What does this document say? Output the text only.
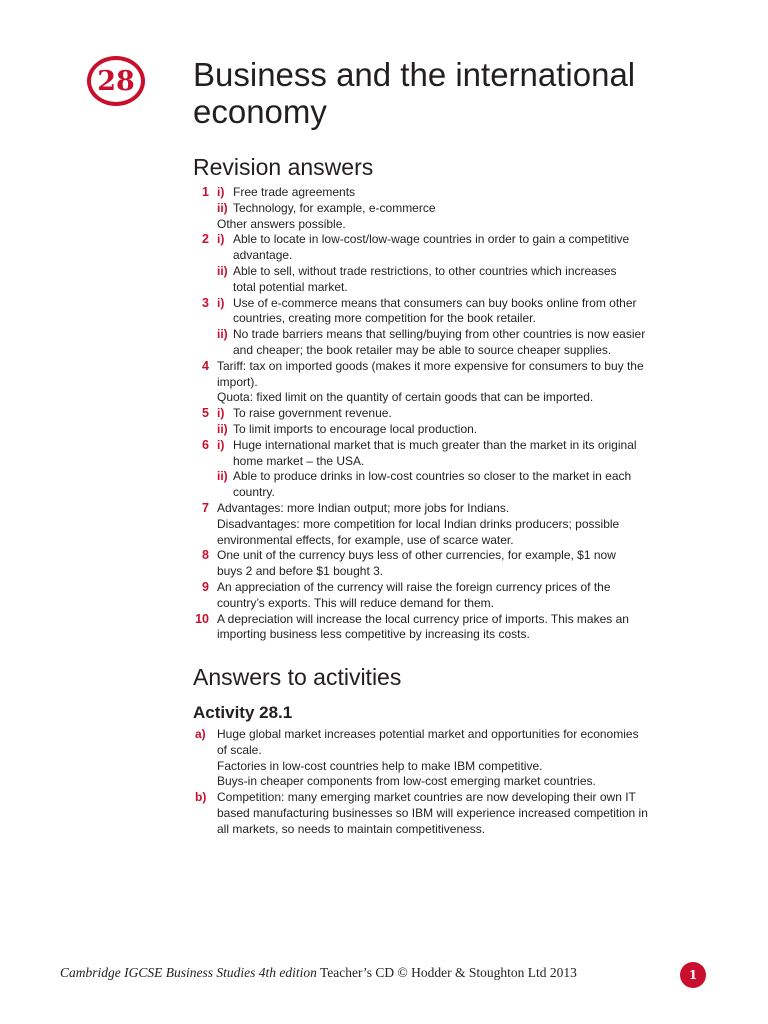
28 Business and the international economy
Revision answers
1 i) Free trade agreements
ii) Technology, for example, e-commerce
Other answers possible.
2 i) Able to locate in low-cost/low-wage countries in order to gain a competitive
advantage.
ii) Able to sell, without trade restrictions, to other countries which increases
total potential market.
3 i) Use of e-commerce means that consumers can buy books online from other
countries, creating more competition for the book retailer.
ii) No trade barriers means that selling/buying from other countries is now easier
and cheaper; the book retailer may be able to source cheaper supplies.
4 Tariff: tax on imported goods (makes it more expensive for consumers to buy the
import).
Quota: fixed limit on the quantity of certain goods that can be imported.
5 i) To raise government revenue.
ii) To limit imports to encourage local production.
6 i) Huge international market that is much greater than the market in its original
home market – the USA.
ii) Able to produce drinks in low-cost countries so closer to the market in each
country.
7 Advantages: more Indian output; more jobs for Indians.
Disadvantages: more competition for local Indian drinks producers; possible
environmental effects, for example, use of scarce water.
8 One unit of the currency buys less of other currencies, for example, $1 now
buys 2 and before $1 bought 3.
9 An appreciation of the currency will raise the foreign currency prices of the
country’s exports. This will reduce demand for them.
10 A depreciation will increase the local currency price of imports. This makes an
importing business less competitive by increasing its costs.
Answers to activities
Activity 28.1
a) Huge global market increases potential market and opportunities for economies
of scale.
Factories in low-cost countries help to make IBM competitive.
Buys-in cheaper components from low-cost emerging market countries.
b) Competition: many emerging market countries are now developing their own IT
based manufacturing businesses so IBM will experience increased competition in
all markets, so needs to maintain competitiveness.
Cambridge IGCSE Business Studies 4th edition Teacher’s CD © Hodder & Stoughton Ltd 2013	1
